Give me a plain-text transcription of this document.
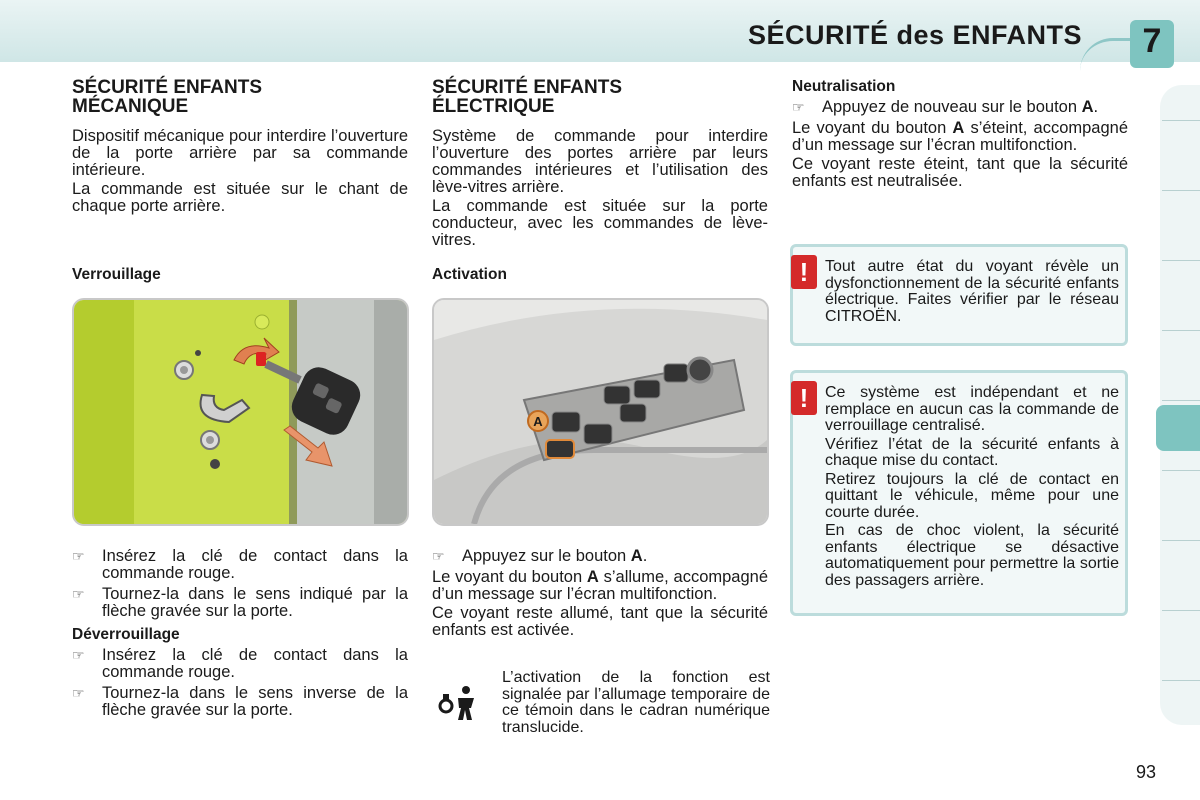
SÉCURITÉ des ENFANTS	7

SÉCURITÉ ENFANTS

MÉCANIQUE

Dispositif mécanique pour interdire l’ouverture de la porte arrière par sa commande intérieure.

La commande est située sur le chant de chaque porte arrière.

Verrouillage
☞	Insérez la clé de contact dans la commande rouge.
☞	Tournez-la dans le sens indiqué par la flèche gravée sur la porte.
Déverrouillage
☞	Insérez la clé de contact dans la commande rouge.
☞	Tournez-la dans le sens inverse de la flèche gravée sur la porte.

SÉCURITÉ ENFANTS

ÉLECTRIQUE

Système de commande pour interdire l’ouverture des portes arrière par leurs commandes intérieures et l’utilisation des lève-vitres arrière.

La commande est située sur la porte conducteur, avec les commandes de lève-vitres.

Activation
A
☞	Appuyez sur le bouton A.

Le voyant du bouton A s’allume, accompagné d’un message sur l’écran multifonction.

Ce voyant reste allumé, tant que la sécurité enfants est activée.

L’activation de la fonction est signalée par l’allumage temporaire de ce témoin dans le cadran numérique translucide.
Neutralisation
☞	Appuyez de nouveau sur le bouton A.

Le voyant du bouton A s’éteint, accompagné d’un message sur l’écran multifonction.

Ce voyant reste éteint, tant que la sécurité enfants est neutralisée.

!	Tout autre état du voyant révèle un dysfonctionnement de la sécurité enfants électrique. Faites vérifier par le réseau CITROËN.

!	Ce système est indépendant et ne remplace en aucun cas la commande de verrouillage centralisé.

Vérifiez l’état de la sécurité enfants à chaque mise du contact.

Retirez toujours la clé de contact en quittant le véhicule, même pour une courte durée.

En cas de choc violent, la sécurité enfants électrique se désactive automatiquement pour permettre la sortie des passagers arrière.

93
